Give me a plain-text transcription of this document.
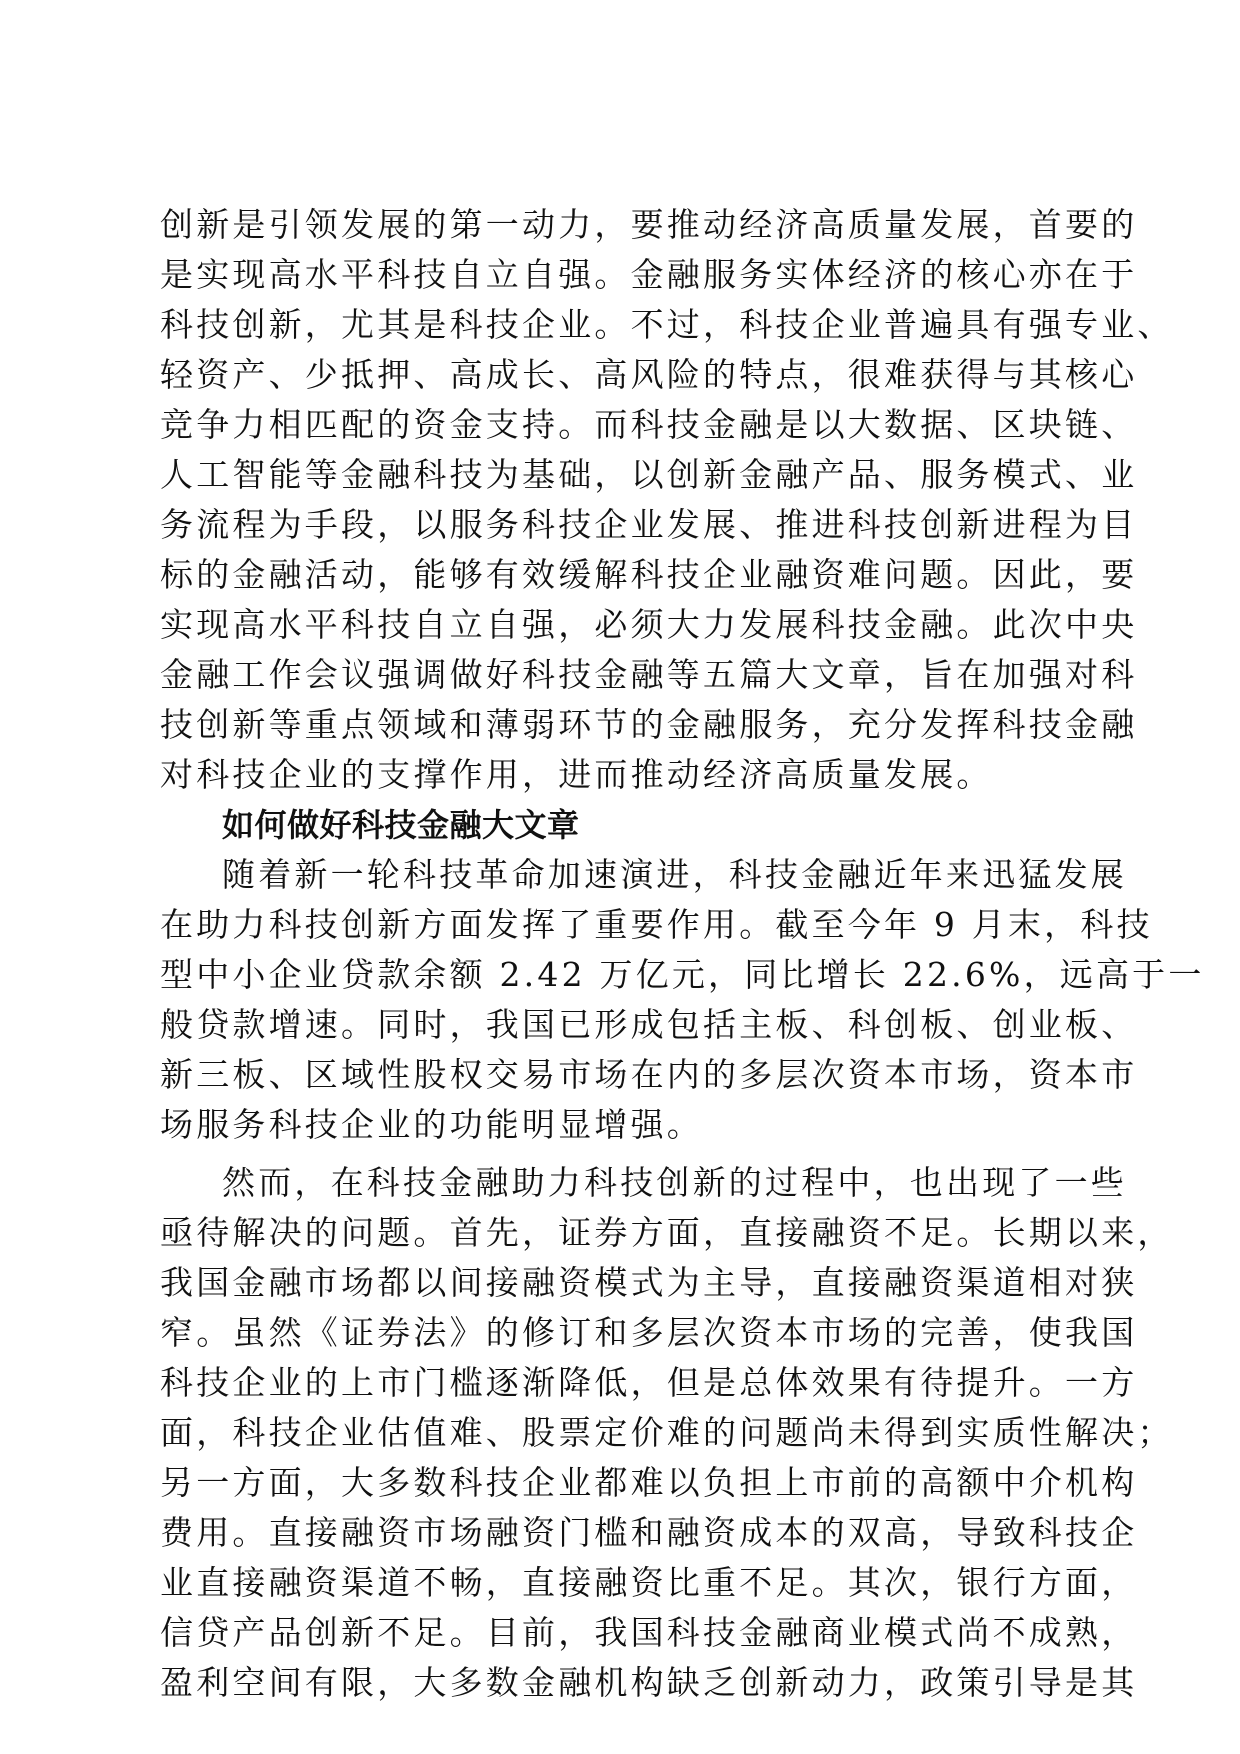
创新是引领发展的第一动力，要推动经济高质量发展，首要的
是实现高水平科技自立自强。金融服务实体经济的核心亦在于
科技创新，尤其是科技企业。不过，科技企业普遍具有强专业、
轻资产、少抵押、高成长、高风险的特点，很难获得与其核心
竞争力相匹配的资金支持。而科技金融是以大数据、区块链、
人工智能等金融科技为基础，以创新金融产品、服务模式、业
务流程为手段，以服务科技企业发展、推进科技创新进程为目
标的金融活动，能够有效缓解科技企业融资难问题。因此，要
实现高水平科技自立自强，必须大力发展科技金融。此次中央
金融工作会议强调做好科技金融等五篇大文章，旨在加强对科
技创新等重点领域和薄弱环节的金融服务，充分发挥科技金融
对科技企业的支撑作用，进而推动经济高质量发展。
如何做好科技金融大文章
随着新一轮科技革命加速演进，科技金融近年来迅猛发展
在助力科技创新方面发挥了重要作用。截至今年 9 月末，科技
型中小企业贷款余额 2.42 万亿元，同比增长 22.6%，远高于一
般贷款增速。同时，我国已形成包括主板、科创板、创业板、
新三板、区域性股权交易市场在内的多层次资本市场，资本市
场服务科技企业的功能明显增强。
然而，在科技金融助力科技创新的过程中，也出现了一些
亟待解决的问题。首先，证券方面，直接融资不足。长期以来，
我国金融市场都以间接融资模式为主导，直接融资渠道相对狭
窄。虽然《证券法》的修订和多层次资本市场的完善，使我国
科技企业的上市门槛逐渐降低，但是总体效果有待提升。一方
面，科技企业估值难、股票定价难的问题尚未得到实质性解决；
另一方面，大多数科技企业都难以负担上市前的高额中介机构
费用。直接融资市场融资门槛和融资成本的双高，导致科技企
业直接融资渠道不畅，直接融资比重不足。其次，银行方面，
信贷产品创新不足。目前，我国科技金融商业模式尚不成熟，
盈利空间有限，大多数金融机构缺乏创新动力，政策引导是其
